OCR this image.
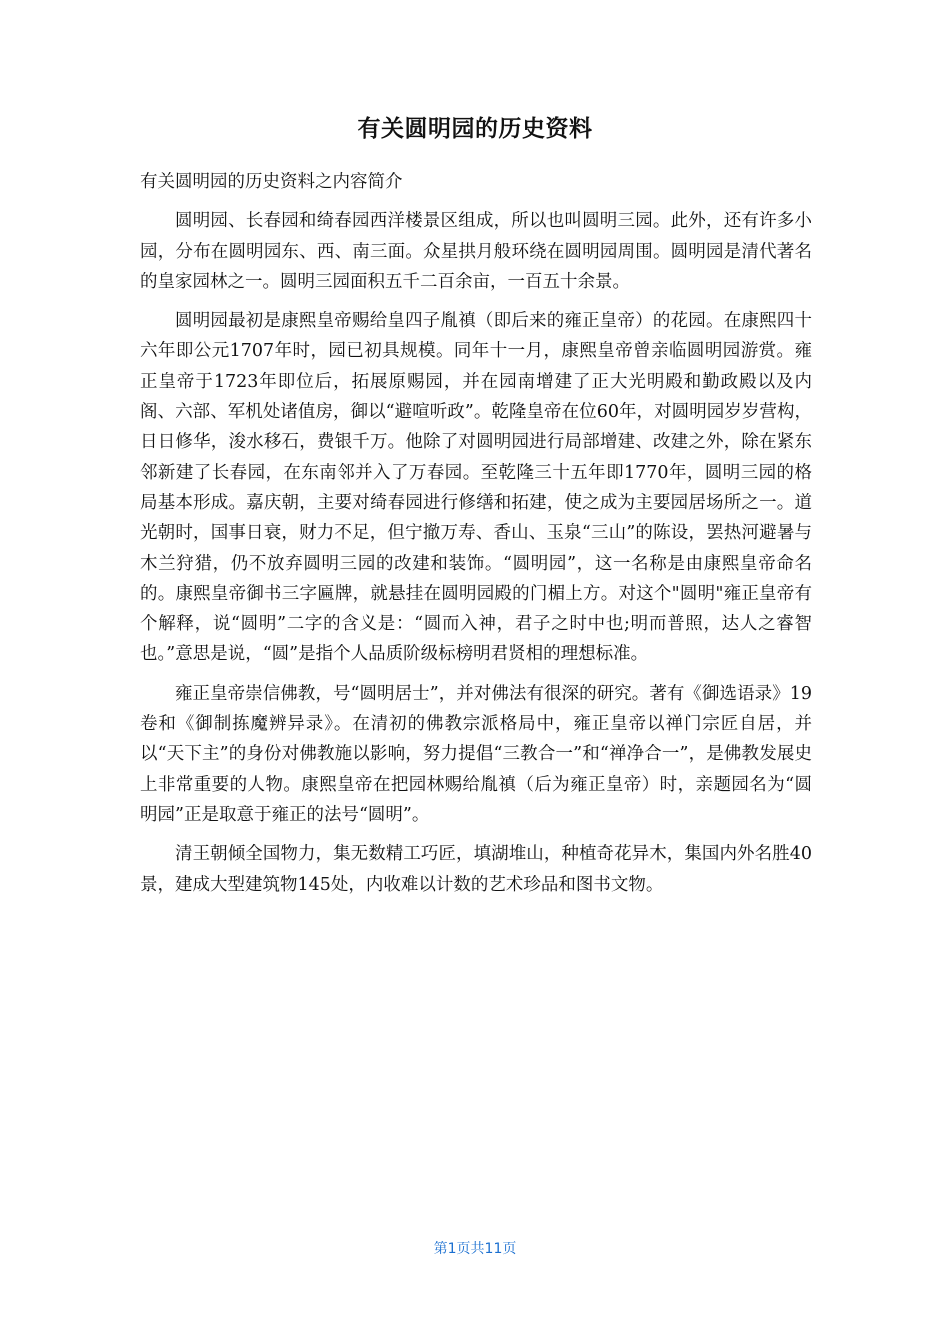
有关圆明园的历史资料

有关圆明园的历史资料之内容简介

圆明园、长春园和绮春园西洋楼景区组成，所以也叫圆明三园。此外，还有许多小园，分布在圆明园东、西、南三面。众星拱月般环绕在圆明园周围。圆明园是清代著名的皇家园林之一。圆明三园面积五千二百余亩，一百五十余景。

圆明园最初是康熙皇帝赐给皇四子胤禛（即后来的雍正皇帝）的花园。在康熙四十六年即公元1707年时，园已初具规模。同年十一月，康熙皇帝曾亲临圆明园游赏。雍正皇帝于1723年即位后，拓展原赐园，并在园南增建了正大光明殿和勤政殿以及内阁、六部、军机处诸值房，御以“避喧听政”。乾隆皇帝在位60年，对圆明园岁岁营构，日日修华，浚水移石，费银千万。他除了对圆明园进行局部增建、改建之外，除在紧东邻新建了长春园，在东南邻并入了万春园。至乾隆三十五年即1770年，圆明三园的格局基本形成。嘉庆朝，主要对绮春园进行修缮和拓建，使之成为主要园居场所之一。道光朝时，国事日衰，财力不足，但宁撤万寿、香山、玉泉“三山”的陈设，罢热河避暑与木兰狩猎，仍不放弃圆明三园的改建和装饰。“圆明园”，这一名称是由康熙皇帝命名的。康熙皇帝御书三字匾牌，就悬挂在圆明园殿的门楣上方。对这个"圆明"雍正皇帝有个解释，说“圆明”二字的含义是：“圆而入神，君子之时中也;明而普照，达人之睿智也。”意思是说，“圆”是指个人品质阶级标榜明君贤相的理想标准。

雍正皇帝崇信佛教，号“圆明居士”，并对佛法有很深的研究。著有《御选语录》19卷和《御制拣魔辨异录》。在清初的佛教宗派格局中，雍正皇帝以禅门宗匠自居，并以“天下主”的身份对佛教施以影响，努力提倡“三教合一”和“禅净合一”，是佛教发展史上非常重要的人物。康熙皇帝在把园林赐给胤禛（后为雍正皇帝）时，亲题园名为“圆明园”正是取意于雍正的法号“圆明”。

清王朝倾全国物力，集无数精工巧匠，填湖堆山，种植奇花异木，集国内外名胜40景，建成大型建筑物145处，内收难以计数的艺术珍品和图书文物。

第1页共11页
